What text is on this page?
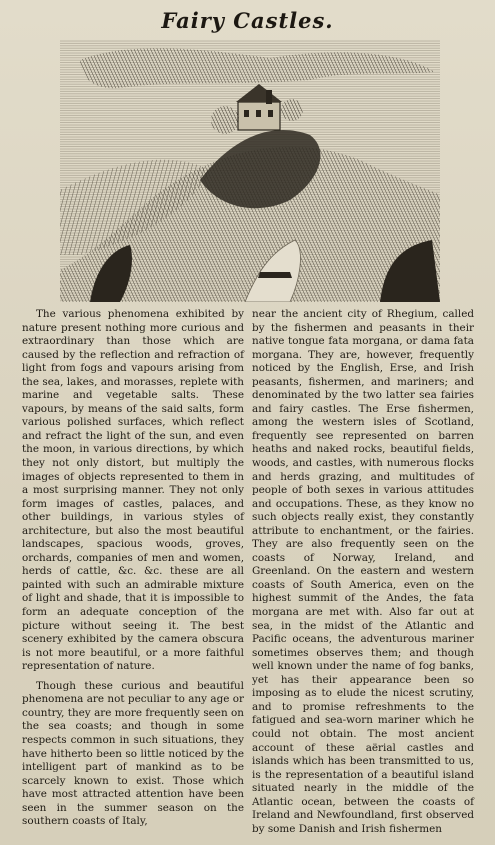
Fairy Castles.

The various phenomena exhibited by nature present nothing more curious and extraordinary than those which are caused by the reflection and refraction of light from fogs and vapours arising from the sea, lakes, and morasses, replete with marine and vegetable salts. These vapours, by means of the said salts, form various polished surfaces, which reflect and refract the light of the sun, and even the moon, in various directions, by which they not only distort, but multiply the images of objects represented to them in a most surprising manner. They not only form images of castles, palaces, and other buildings, in various styles of architecture, but also the most beautiful landscapes, spacious woods, groves, orchards, companies of men and women, herds of cattle, &c. &c. these are all painted with such an admirable mixture of light and shade, that it is impossible to form an adequate conception of the picture without seeing it. The best scenery exhibited by the camera obscura is not more beautiful, or a more faithful representation of nature.

Though these curious and beautiful phenomena are not peculiar to any age or country, they are more frequently seen on the sea coasts; and though in some respects common in such situations, they have hitherto been so little noticed by the intelligent part of mankind as to be scarcely known to exist. Those which have most attracted attention have been seen in the summer season on the southern coasts of Italy,

near the ancient city of Rhegium, called by the fishermen and peasants in their native tongue fata morgana, or dama fata morgana. They are, however, frequently noticed by the English, Erse, and Irish peasants, fishermen, and mariners; and denominated by the two latter sea fairies and fairy castles. The Erse fishermen, among the western isles of Scotland, frequently see represented on barren heaths and naked rocks, beautiful fields, woods, and castles, with numerous flocks and herds grazing, and multitudes of people of both sexes in various attitudes and occupations. These, as they know no such objects really exist, they constantly attribute to enchantment, or the fairies. They are also frequently seen on the coasts of Norway, Ireland, and Greenland. On the eastern and western coasts of South America, even on the highest summit of the Andes, the fata morgana are met with. Also far out at sea, in the midst of the Atlantic and Pacific oceans, the adventurous mariner sometimes observes them; and though well known under the name of fog banks, yet has their appearance been so imposing as to elude the nicest scrutiny, and to promise refreshments to the fatigued and sea-worn mariner which he could not obtain. The most ancient account of these aërial castles and islands which has been transmitted to us, is the representation of a beautiful island situated nearly in the middle of the Atlantic ocean, between the coasts of Ireland and Newfoundland, first observed by some Danish and Irish fishermen
